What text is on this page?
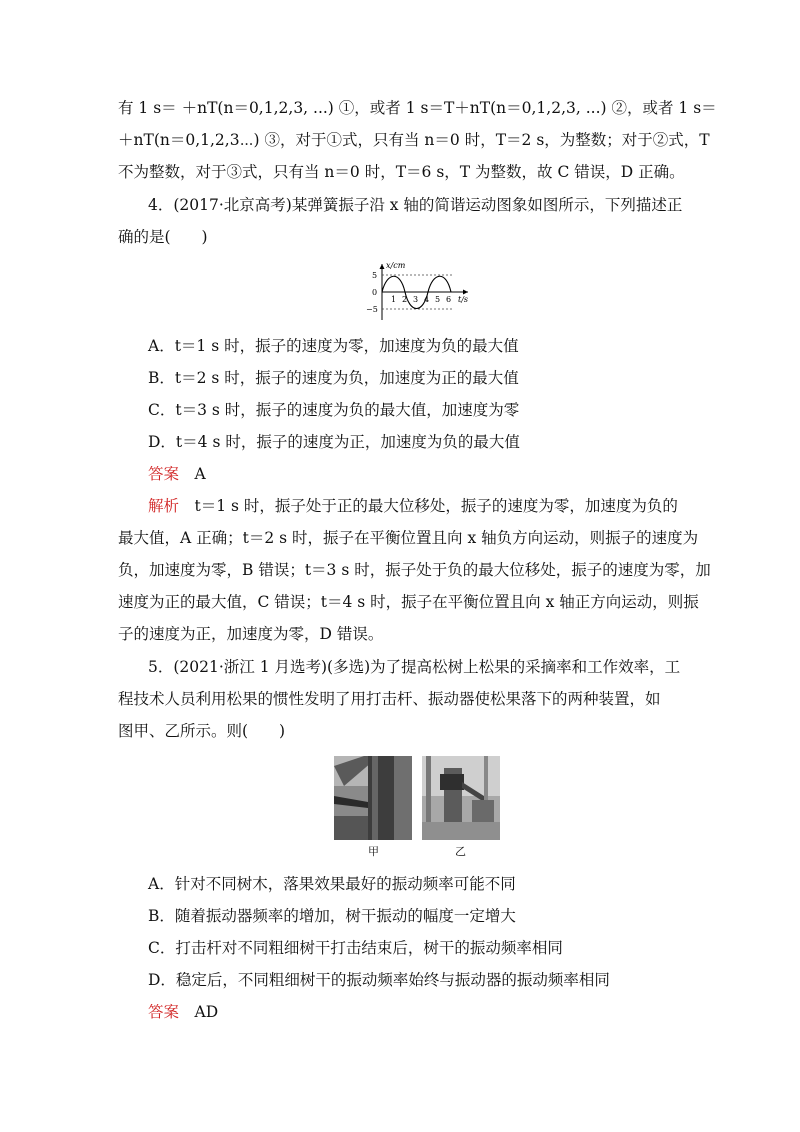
有 1 s＝ ＋nT(n＝0,1,2,3, ...) ①，或者 1 s＝T＋nT(n＝0,1,2,3, ...) ②，或者 1 s＝
＋nT(n＝0,1,2,3⋯) ③，对于①式，只有当 n＝0 时，T＝2 s，为整数；对于②式，T
不为整数，对于③式，只有当 n＝0 时，T＝6 s，T 为整数，故 C 错误，D 正确。
4．(2017·北京高考)某弹簧振子沿 x 轴的简谐运动图象如图所示，下列描述正
确的是(　　)
x/cm
5
0
−5
1 2 3 4 5 6 t/s
A．t＝1 s 时，振子的速度为零，加速度为负的最大值
B．t＝2 s 时，振子的速度为负，加速度为正的最大值
C．t＝3 s 时，振子的速度为负的最大值，加速度为零
D．t＝4 s 时，振子的速度为正，加速度为负的最大值
答案　 A
解析　 t＝1 s 时，振子处于正的最大位移处，振子的速度为零，加速度为负的
最大值，A 正确；t＝2 s 时，振子在平衡位置且向 x 轴负方向运动，则振子的速度为
负，加速度为零，B 错误；t＝3 s 时，振子处于负的最大位移处，振子的速度为零，加
速度为正的最大值，C 错误；t＝4 s 时，振子在平衡位置且向 x 轴正方向运动，则振
子的速度为正，加速度为零，D 错误。
5．(2021·浙江 1 月选考)(多选)为了提高松树上松果的采摘率和工作效率，工
程技术人员利用松果的惯性发明了用打击杆、振动器使松果落下的两种装置，如
图甲、乙所示。则(　　)
甲	乙
A．针对不同树木，落果效果最好的振动频率可能不同
B．随着振动器频率的增加，树干振动的幅度一定增大
C．打击杆对不同粗细树干打击结束后，树干的振动频率相同
D．稳定后，不同粗细树干的振动频率始终与振动器的振动频率相同
答案　 AD
